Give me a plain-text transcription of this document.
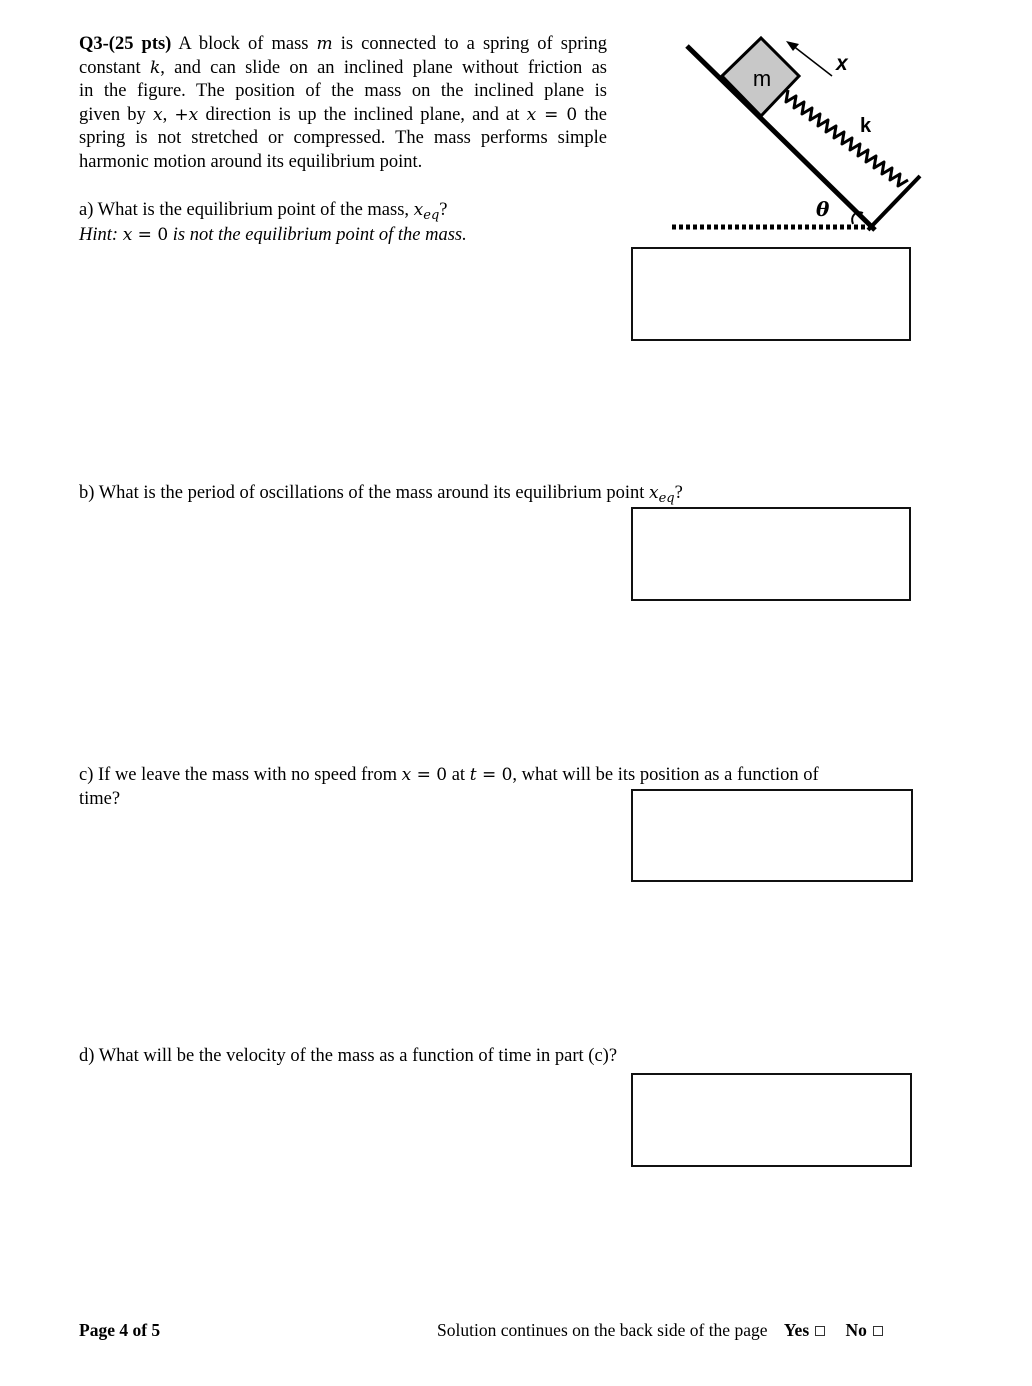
Q3-(25 pts) A block of mass m is connected to a spring of spring
constant k, and can slide on an inclined plane without friction as
in the figure. The position of the mass on the inclined plane is
given by x, +x direction is up the inclined plane, and at x = 0 the
spring is not stretched or compressed. The mass performs simple
harmonic motion around its equilibrium point.
m
k
x
θ
a) What is the equilibrium point of the mass, $x_{eq}$?
Hint: x = 0 is not the equilibrium point of the mass.
b) What is the period of oscillations of the mass around its equilibrium point $x_{eq}$?
c) If we leave the mass with no speed from x = 0 at t = 0, what will be its position as a function of
time?
d) What will be the velocity of the mass as a function of time in part (c)?
Page 4 of 5	Solution continues on the back side of the page Yes No
